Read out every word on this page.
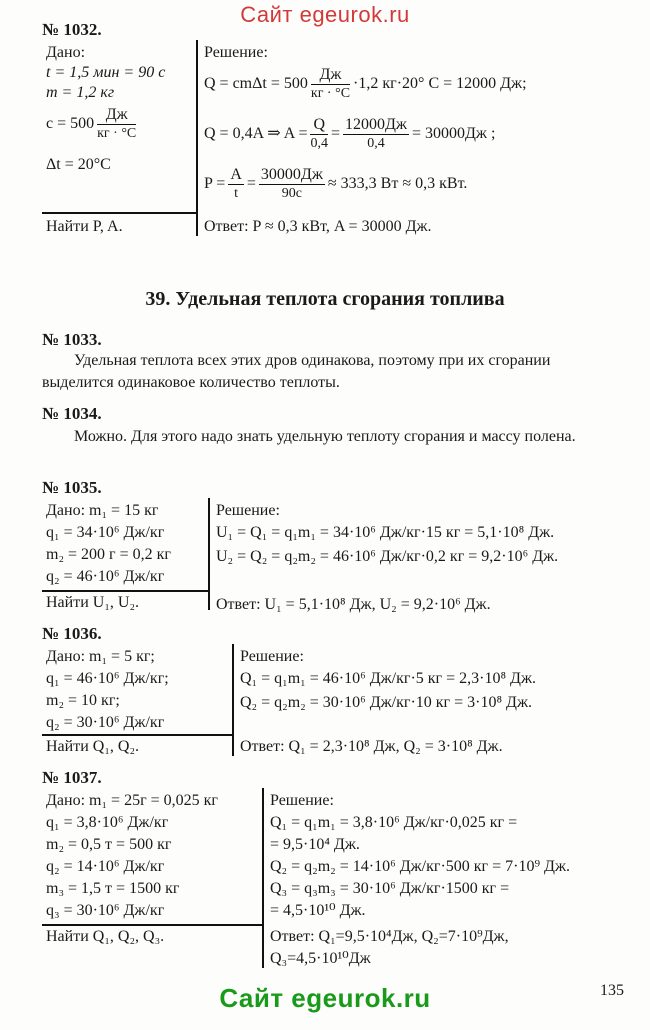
Сайт egeurok.ru
№ 1032.
Дано:
t = 1,5 мин = 90 с
m = 1,2 кг
$c = 500 \frac{Дж}{кг \cdot ^\circ C}$
Δt = 20°C
Найти P, A.
Решение:
$Q = cm\Delta t = 500 \frac{Дж}{кг \cdot ^\circ C} \cdot 1,2$ кг·20° С = 12000 Дж;
Q = 0,4A ⇒ $A = \frac{Q}{0,4} = \frac{12000Дж}{0,4} = 30000Дж$ ;
$P = \frac{A}{t} = \frac{30000Дж}{90с} \approx 333,3$ Вт ≈ 0,3 кВт.
Ответ: P ≈ 0,3 кВт, A = 30000 Дж.
39. Удельная теплота сгорания топлива
№ 1033.
Удельная теплота всех этих дров одинакова, поэтому при их сгорании выделится одинаковое количество теплоты.
№ 1034.
Можно. Для этого надо знать удельную теплоту сгорания и массу полена.
№ 1035.
Дано: m₁ = 15 кг
q₁ = 34·10⁶ Дж/кг
m₂ = 200 г = 0,2 кг
q₂ = 46·10⁶ Дж/кг
Найти U₁, U₂.
Решение:
U₁ = Q₁ = q₁m₁ = 34·10⁶ Дж/кг·15 кг = 5,1·10⁸ Дж.
U₂ = Q₂ = q₂m₂ = 46·10⁶ Дж/кг·0,2 кг = 9,2·10⁶ Дж.
Ответ: U₁ = 5,1·10⁸ Дж, U₂ = 9,2·10⁶ Дж.
№ 1036.
Дано: m₁ = 5 кг;
q₁ = 46·10⁶ Дж/кг;
m₂ = 10 кг;
q₂ = 30·10⁶ Дж/кг
Найти Q₁, Q₂.
Решение:
Q₁ = q₁m₁ = 46·10⁶ Дж/кг·5 кг = 2,3·10⁸ Дж.
Q₂ = q₂m₂ = 30·10⁶ Дж/кг·10 кг = 3·10⁸ Дж.
Ответ: Q₁ = 2,3·10⁸ Дж, Q₂ = 3·10⁸ Дж.
№ 1037.
Дано: m₁ = 25г = 0,025 кг
q₁ = 3,8·10⁶ Дж/кг
m₂ = 0,5 т = 500 кг
q₂ = 14·10⁶ Дж/кг
m₃ = 1,5 т = 1500 кг
q₃ = 30·10⁶ Дж/кг
Найти Q₁, Q₂, Q₃.
Решение:
Q₁ = q₁m₁ = 3,8·10⁶ Дж/кг·0,025 кг =
= 9,5·10⁴ Дж.
Q₂ = q₂m₂ = 14·10⁶ Дж/кг·500 кг = 7·10⁹ Дж.
Q₃ = q₃m₃ = 30·10⁶ Дж/кг·1500 кг =
= 4,5·10¹⁰ Дж.
Ответ: Q₁=9,5·10⁴Дж, Q₂=7·10⁹Дж,
Q₃=4,5·10¹⁰Дж
135
Сайт egeurok.ru
